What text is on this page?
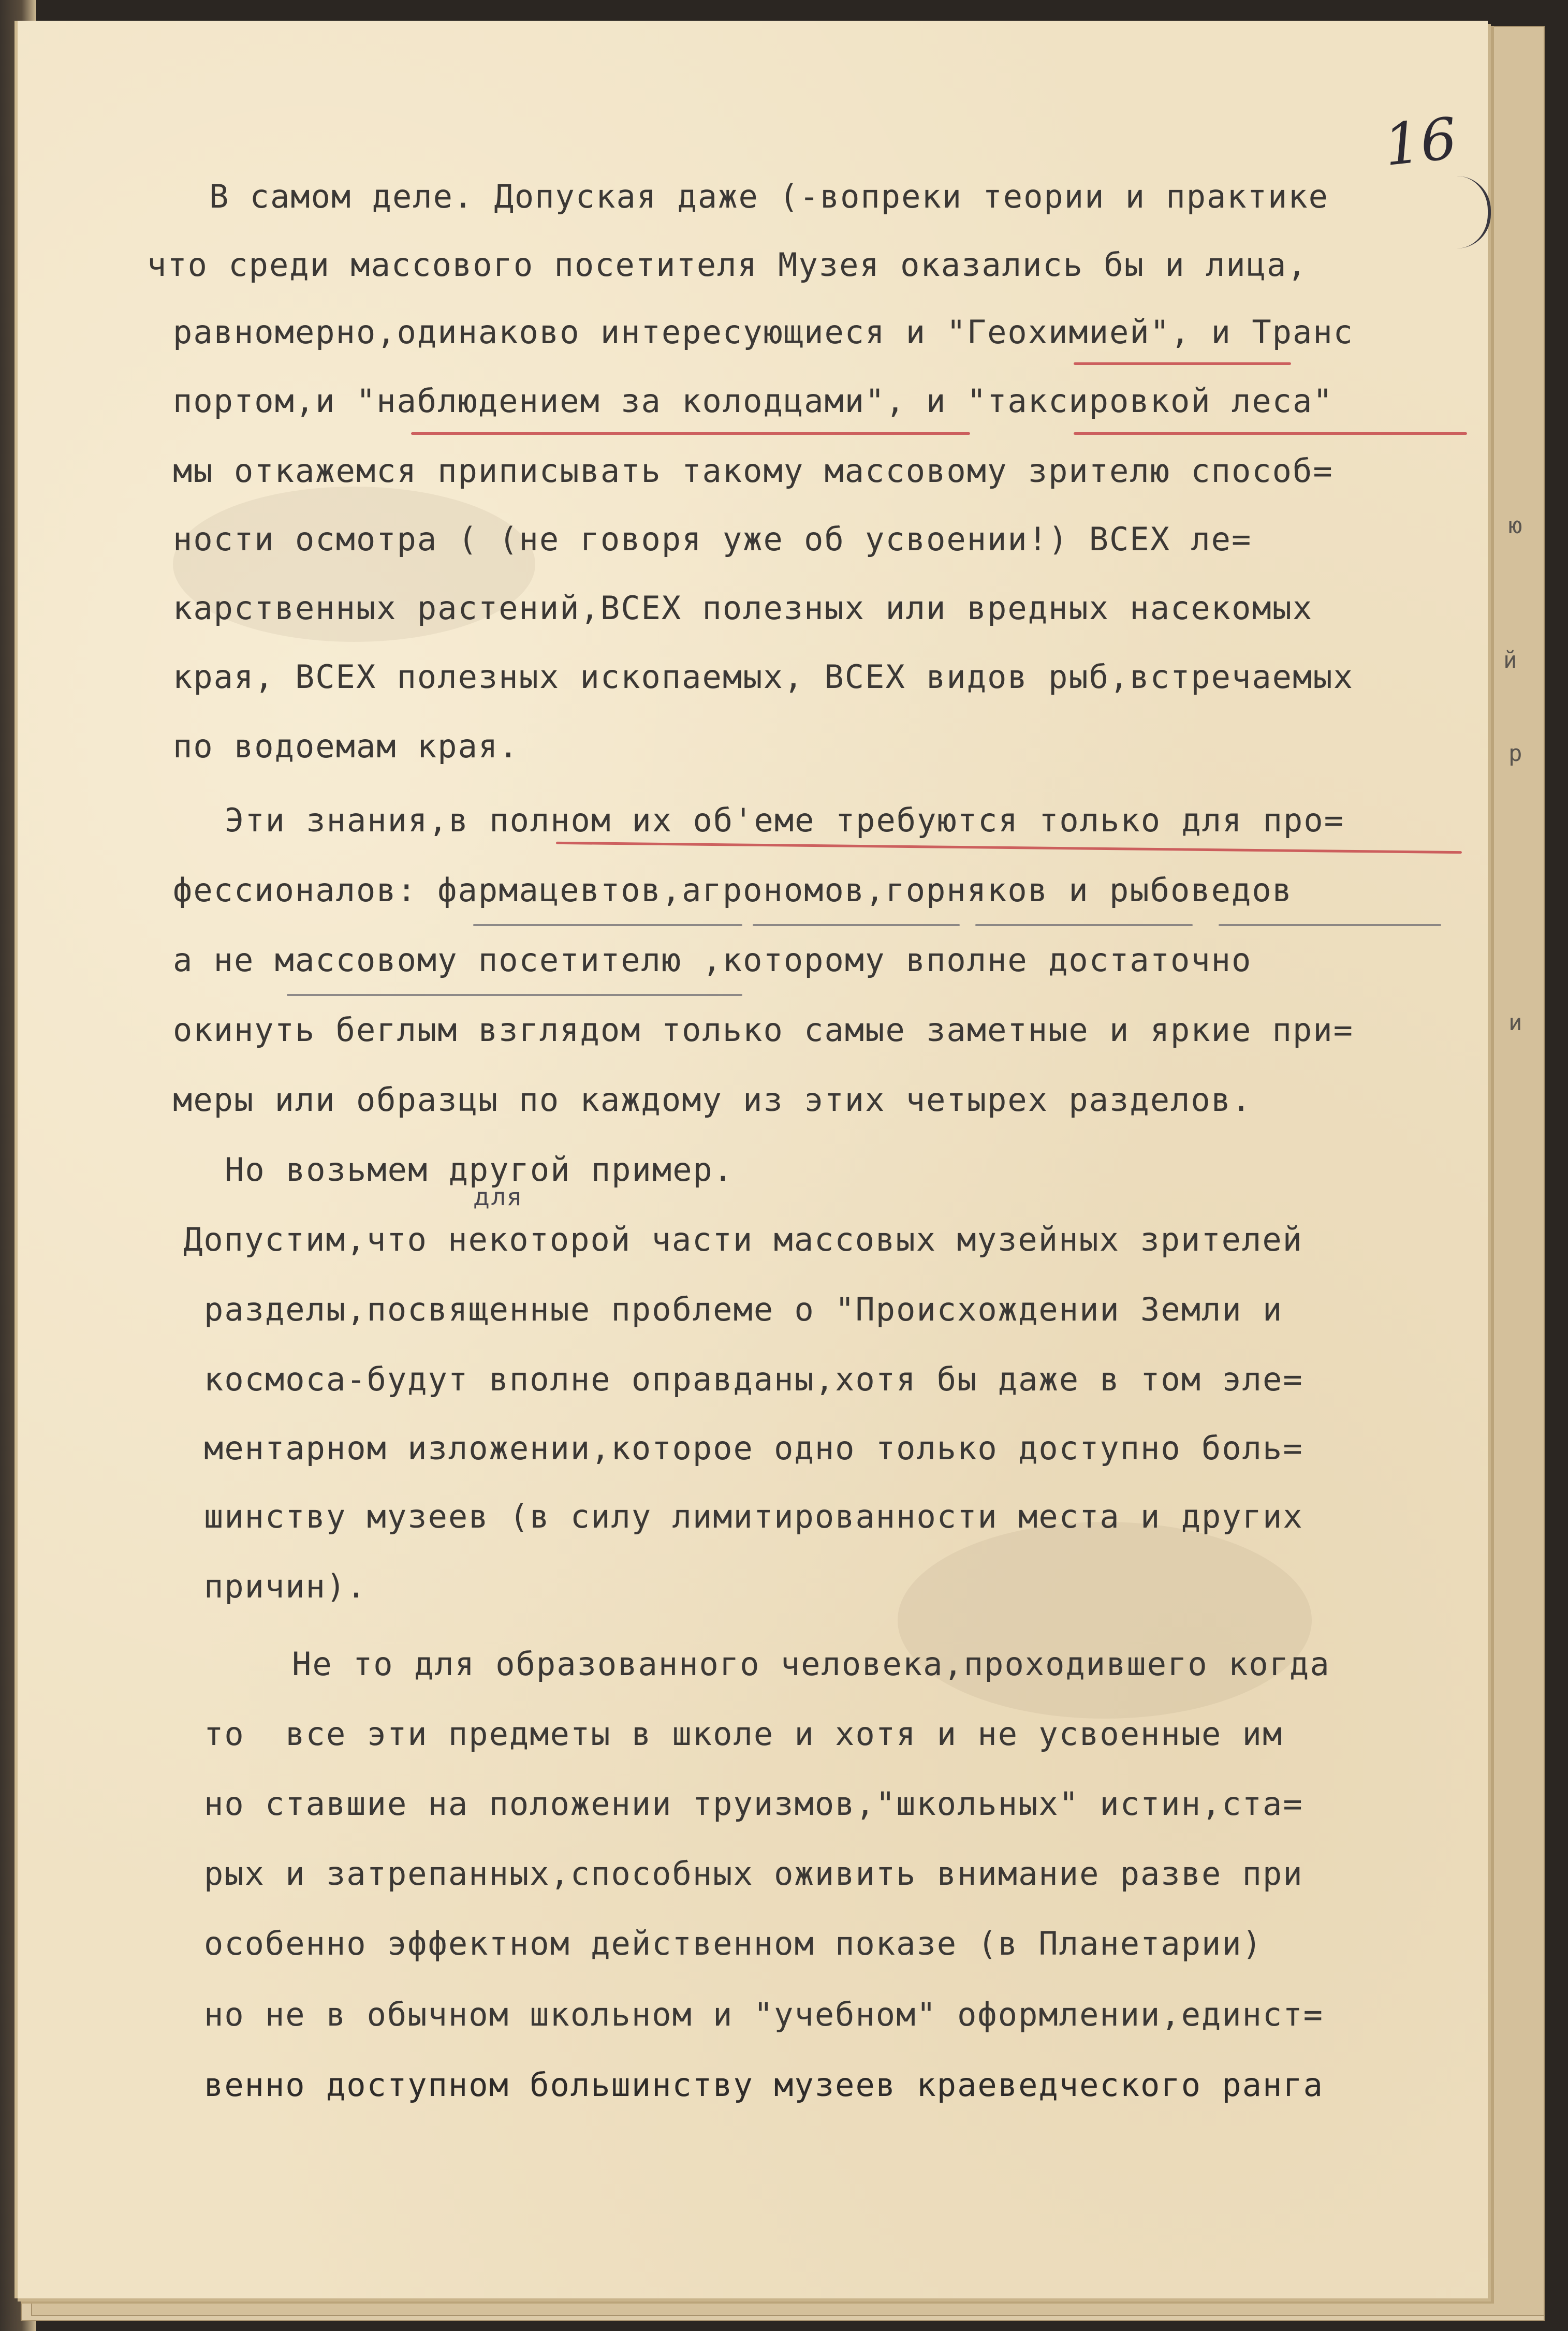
16
В самом деле. Допуская даже (-вопреки теории и практике
что среди массового посетителя Музея оказались бы и лица,
равномерно,одинаково интересующиеся и "Геохимией", и Транс
портом,и "наблюдением за колодцами", и "таксировкой леса"
мы откажемся приписывать такому массовому зрителю способ=
ности осмотра ( (не говоря уже об усвоении!) ВСЕХ ле=
карственных растений,ВСЕХ полезных или вредных насекомых
края, ВСЕХ полезных ископаемых, ВСЕХ видов рыб,встречаемых
по водоемам края.
Эти знания,в полном их об'еме требуются только для про=
фессионалов: фармацевтов,агрономов,горняков и рыбоведов
а не массовому посетителю ,которому вполне достаточно
окинуть беглым взглядом только самые заметные и яркие при=
меры или образцы по каждому из этих четырех разделов.
Но возьмем другой пример.
для
Допустим,что некоторой части массовых музейных зрителей
разделы,посвященные проблеме о "Происхождении Земли и
космоса-будут вполне оправданы,хотя бы даже в том эле=
ментарном изложении,которое одно только доступно боль=
шинству музеев (в силу лимитированности места и других
причин).
Не то для образованного человека,проходившего когда
то  все эти предметы в школе и хотя и не усвоенные им
но ставшие на положении труизмов,"школьных" истин,ста=
рых и затрепанных,способных оживить внимание разве при
особенно эффектном действенном показе (в Планетарии)
но не в обычном школьном и "учебном" оформлении,единст=
венно доступном большинству музеев краеведческого ранга
ю
й
р
и
